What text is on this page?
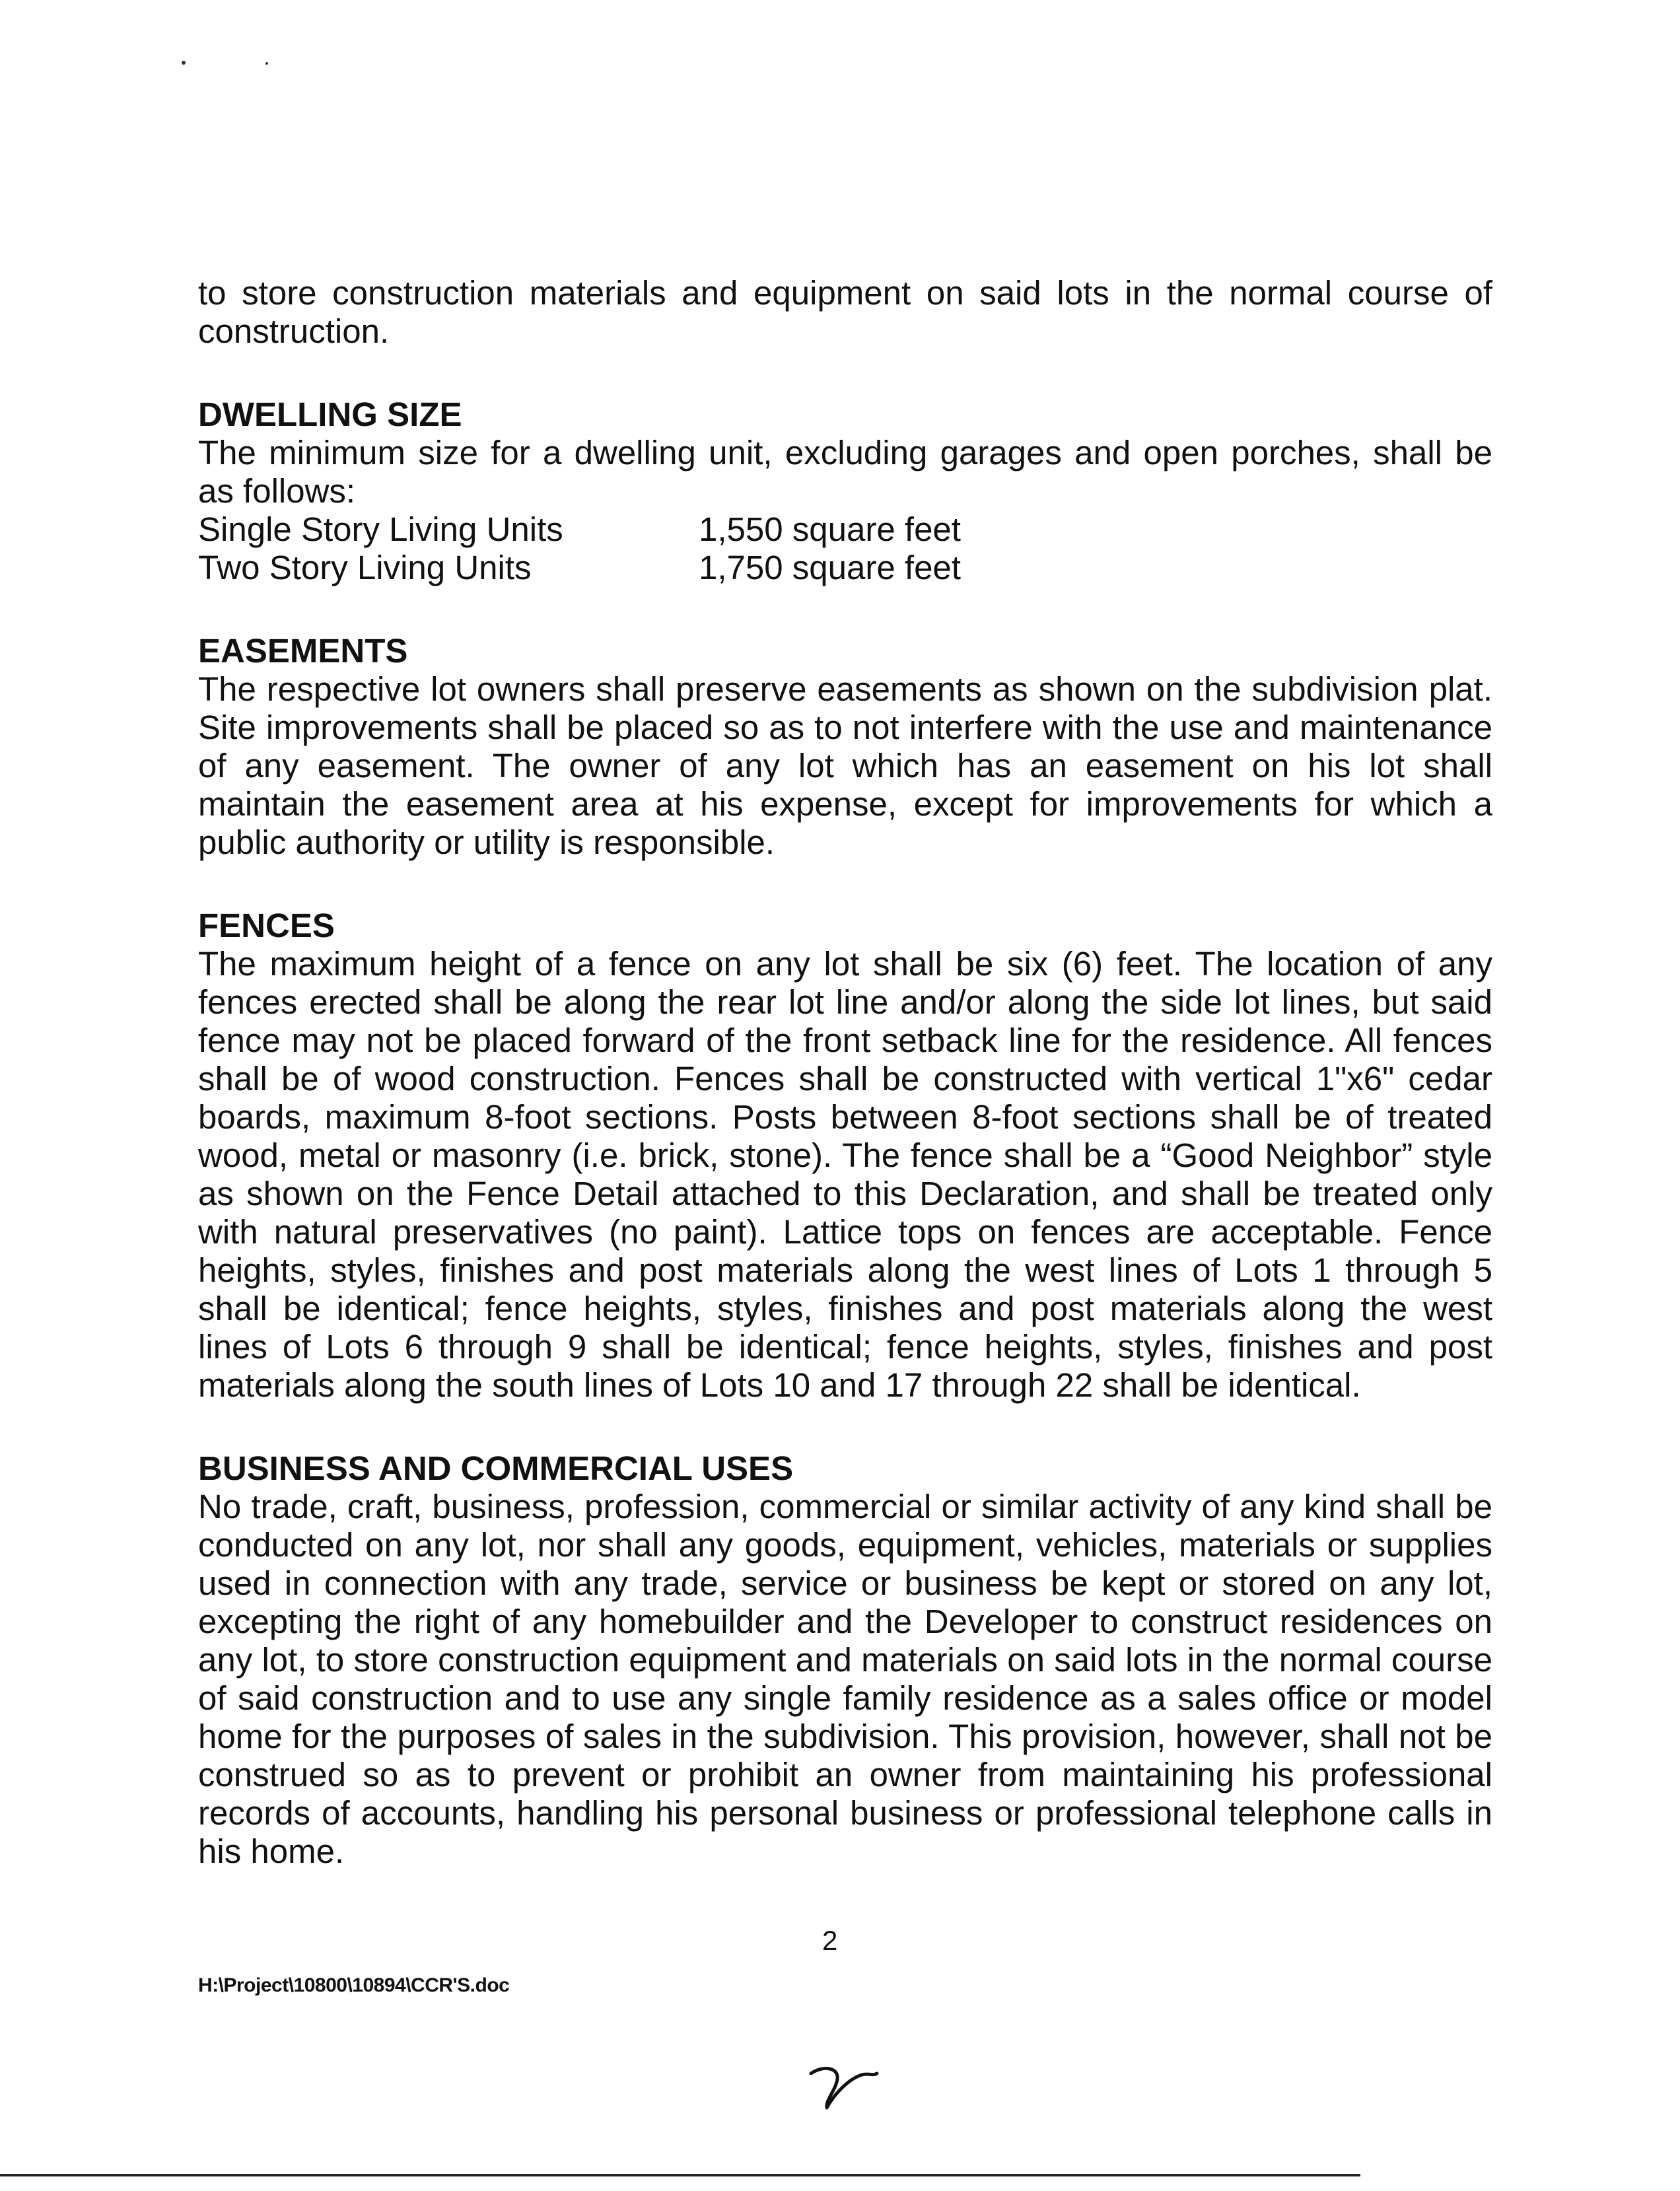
to store construction materials and equipment on said lots in the normal course of construction.

DWELLING SIZE

The minimum size for a dwelling unit, excluding garages and open porches, shall be as follows:

Single Story Living Units	1,550 square feet
Two Story Living Units	1,750 square feet
EASEMENTS

The respective lot owners shall preserve easements as shown on the subdivision plat. Site improvements shall be placed so as to not interfere with the use and maintenance of any easement. The owner of any lot which has an easement on his lot shall maintain the easement area at his expense, except for improvements for which a public authority or utility is responsible.

FENCES

The maximum height of a fence on any lot shall be six (6) feet. The location of any fences erected shall be along the rear lot line and/or along the side lot lines, but said fence may not be placed forward of the front setback line for the residence. All fences shall be of wood construction. Fences shall be constructed with vertical 1"x6" cedar boards, maximum 8-foot sections. Posts between 8-foot sections shall be of treated wood, metal or masonry (i.e. brick, stone). The fence shall be a “Good Neighbor” style as shown on the Fence Detail attached to this Declaration, and shall be treated only with natural preservatives (no paint). Lattice tops on fences are acceptable. Fence heights, styles, finishes and post materials along the west lines of Lots 1 through 5 shall be identical; fence heights, styles, finishes and post materials along the west lines of Lots 6 through 9 shall be identical; fence heights, styles, finishes and post materials along the south lines of Lots 10 and 17 through 22 shall be identical.

BUSINESS AND COMMERCIAL USES

No trade, craft, business, profession, commercial or similar activity of any kind shall be conducted on any lot, nor shall any goods, equipment, vehicles, materials or supplies used in connection with any trade, service or business be kept or stored on any lot, excepting the right of any homebuilder and the Developer to construct residences on any lot, to store construction equipment and materials on said lots in the normal course of said construction and to use any single family residence as a sales office or model home for the purposes of sales in the subdivision. This provision, however, shall not be construed so as to prevent or prohibit an owner from maintaining his professional records of accounts, handling his personal business or professional telephone calls in his home.

2
H:\Project\10800\10894\CCR'S.doc
